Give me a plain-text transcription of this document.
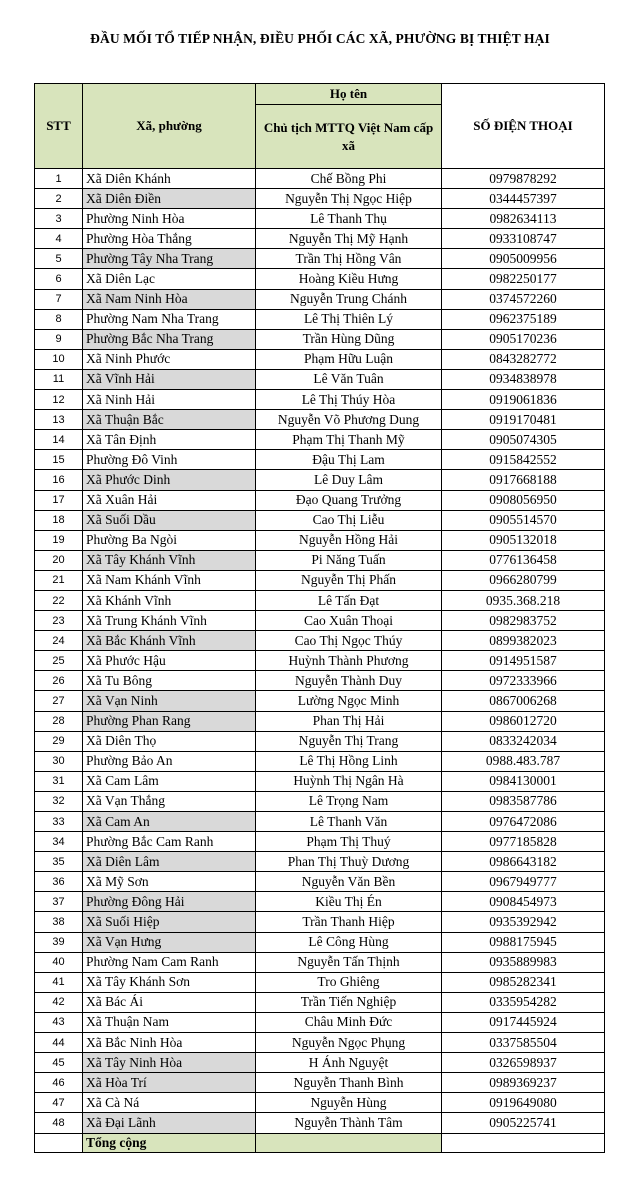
ĐẦU MỐI TỔ TIẾP NHẬN, ĐIỀU PHỐI CÁC XÃ, PHƯỜNG BỊ THIỆT HẠI
STT	Xã, phường	Họ tên	SỐ ĐIỆN THOẠI
		Chủ tịch MTTQ Việt Nam cấp xã	
1	Xã Diên Khánh	Chế Bồng Phi	0979878292
2	Xã Diên Điền	Nguyễn Thị Ngọc Hiệp	0344457397
3	Phường Ninh Hòa	Lê Thanh Thụ	0982634113
4	Phường Hòa Thắng	Nguyễn Thị Mỹ Hạnh	0933108747
5	Phường Tây Nha Trang	Trần Thị Hồng Vân	0905009956
6	Xã Diên Lạc	Hoàng Kiều Hưng	0982250177
7	Xã Nam Ninh Hòa	Nguyễn Trung Chánh	0374572260
8	Phường Nam Nha Trang	Lê Thị Thiên Lý	0962375189
9	Phường Bắc Nha Trang	Trần Hùng Dũng	0905170236
10	Xã Ninh Phước	Phạm Hữu Luận	0843282772
11	Xã Vĩnh Hải	Lê Văn Tuân	0934838978
12	Xã Ninh Hải	Lê Thị Thúy Hòa	0919061836
13	Xã Thuận Bắc	Nguyễn Võ Phương Dung	0919170481
14	Xã Tân Định	Phạm Thị Thanh Mỹ	0905074305
15	Phường Đô Vinh	Đậu Thị Lam	0915842552
16	Xã Phước Dinh	Lê Duy Lâm	0917668188
17	Xã Xuân Hải	Đạo Quang Trưởng	0908056950
18	Xã Suối Dầu	Cao Thị Liễu	0905514570
19	Phường Ba Ngòi	Nguyễn Hồng Hải	0905132018
20	Xã Tây Khánh Vĩnh	Pi Năng Tuấn	0776136458
21	Xã Nam Khánh Vĩnh	Nguyễn Thị Phấn	0966280799
22	Xã Khánh Vĩnh	Lê Tấn Đạt	0935.368.218
23	Xã Trung Khánh Vĩnh	Cao Xuân Thoại	0982983752
24	Xã Bắc Khánh Vĩnh	Cao Thị Ngọc Thúy	0899382023
25	Xã Phước Hậu	Huỳnh Thành Phương	0914951587
26	Xã Tu Bông	Nguyễn Thành Duy	0972333966
27	Xã Vạn Ninh	Lường Ngọc Minh	0867006268
28	Phường Phan Rang	Phan Thị Hải	0986012720
29	Xã Diên Thọ	Nguyễn Thị Trang	0833242034
30	Phường Bảo An	Lê Thị Hồng Linh	0988.483.787
31	Xã Cam Lâm	Huỳnh Thị Ngân Hà	0984130001
32	Xã Vạn Thắng	Lê Trọng Nam	0983587786
33	Xã Cam An	Lê Thanh Văn	0976472086
34	Phường Bắc Cam Ranh	Phạm Thị Thuý	0977185828
35	Xã Diên Lâm	Phan Thị Thuỳ Dương	0986643182
36	Xã Mỹ Sơn	Nguyễn Văn Bền	0967949777
37	Phường Đông Hải	Kiều Thị Én	0908454973
38	Xã Suối Hiệp	Trần Thanh Hiệp	0935392942
39	Xã Vạn Hưng	Lê Công Hùng	0988175945
40	Phường Nam Cam Ranh	Nguyễn Tấn Thịnh	0935889983
41	Xã Tây Khánh Sơn	Tro Ghiêng	0985282341
42	Xã Bác Ái	Trần Tiến Nghiệp	0335954282
43	Xã Thuận Nam	Châu Minh Đức	0917445924
44	Xã Bắc Ninh Hòa	Nguyễn Ngọc Phụng	0337585504
45	Xã Tây Ninh Hòa	H Ánh Nguyệt	0326598937
46	Xã Hòa Trí	Nguyễn Thanh Bình	0989369237
47	Xã Cà Ná	Nguyễn Hùng	0919649080
48	Xã Đại Lãnh	Nguyễn Thành Tâm	0905225741
	Tổng cộng		
